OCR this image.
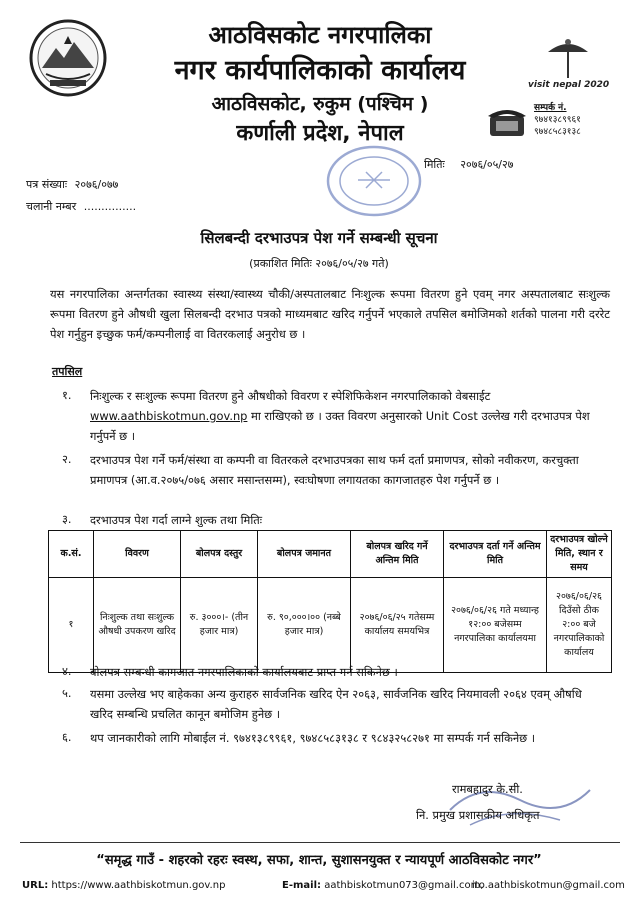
आठविसकोट नगरपालिका
नगर कार्यपालिकाको कार्यालय
आठविसकोट, रुकुम (पश्चिम )
कर्णाली प्रदेश, नेपाल
visit nepal 2020
सम्पर्क नं.
९७४१३८९९६१
९७४८५८३१३८
मितिः २०७६/०५/२७
पत्र संख्याः २०७६/०७७
चलानी नम्बर ...............
सिलबन्दी दरभाउपत्र पेश गर्ने सम्बन्धी सूचना
(प्रकाशित मितिः २०७६/०५/२७ गते)
यस नगरपालिका अन्तर्गतका स्वास्थ्य संस्था/स्वास्थ्य चौकी/अस्पतालबाट निःशुल्क रूपमा वितरण हुने एवम् नगर अस्पतालबाट सःशुल्क रूपमा वितरण हुने औषधी खुला सिलबन्दी दरभाउ पत्रको माध्यमबाट खरिद गर्नुपर्ने भएकाले तपसिल बमोजिमको शर्तको पालना गरी दररेट पेश गर्नुहुन इच्छुक फर्म/कम्पनीलाई वा वितरकलाई अनुरोध छ ।
तपसिल
१. निःशुल्क र सःशुल्क रूपमा वितरण हुने औषधीको विवरण र स्पेशिफिकेशन नगरपालिकाको वेबसाईट www.aathbiskotmun.gov.np मा राखिएको छ । उक्त विवरण अनुसारको Unit Cost उल्लेख गरी दरभाउपत्र पेश गर्नुपर्ने छ ।
२. दरभाउपत्र पेश गर्ने फर्म/संस्था वा कम्पनी वा वितरकले दरभाउपत्रका साथ फर्म दर्ता प्रमाणपत्र, सोको नवीकरण, करचुक्ता प्रमाणपत्र (आ.व.२०७५/०७६ असार मसान्तसम्म), स्वःघोषणा लगायतका कागजातहरु पेश गर्नुपर्ने छ ।
३. दरभाउपत्र पेश गर्दा लाग्ने शुल्क तथा मितिः
क.सं.	विवरण	बोलपत्र दस्तुर	बोलपत्र जमानत	बोलपत्र खरिद गर्ने अन्तिम मिति	दरभाउपत्र दर्ता गर्ने अन्तिम मिति	दरभाउपत्र खोल्ने मिति, स्थान र समय
१	निःशुल्क तथा सःशुल्क औषधी उपकरण खरिद	रु. ३०००।- (तीन हजार मात्र)	रु. ९०,०००।०० (नब्बे हजार मात्र)	२०७६/०६/२५ गतेसम्म कार्यालय समयभित्र	२०७६/०६/२६ गते मध्यान्ह १२:०० बजेसम्म नगरपालिका कार्यालयमा	२०७६/०६/२६ दिउँसो ठीक २:०० बजे नगरपालिकाको कार्यालय
४. बोलपत्र सम्बन्धी कागजात नगरपालिकाको कार्यालयबाट प्राप्त गर्न सकिनेछ ।
५. यसमा उल्लेख भए बाहेकका अन्य कुराहरु सार्वजनिक खरिद ऐन २०६३, सार्वजनिक खरिद नियमावली २०६४ एवम् औषधि खरिद सम्बन्धि प्रचलित कानून बमोजिम हुनेछ ।
६. थप जानकारीको लागि मोबाईल नं. ९७४१३८९९६१, ९७४८५८३१३८ र ९८४३२५८२७१ मा सम्पर्क गर्न सकिनेछ ।
रामबहादुर के.सी.
नि. प्रमुख प्रशासकीय अधिकृत
“समृद्ध गाउँ - शहरको रहरः स्वस्थ, सफा, शान्त, सुशासनयुक्त र न्यायपूर्ण आठविसकोट नगर”
URL: https://www.aathbiskotmun.gov.np	E-mail: aathbiskotmun073@gmail.com,
ito.aathbiskotmun@gmail.com
